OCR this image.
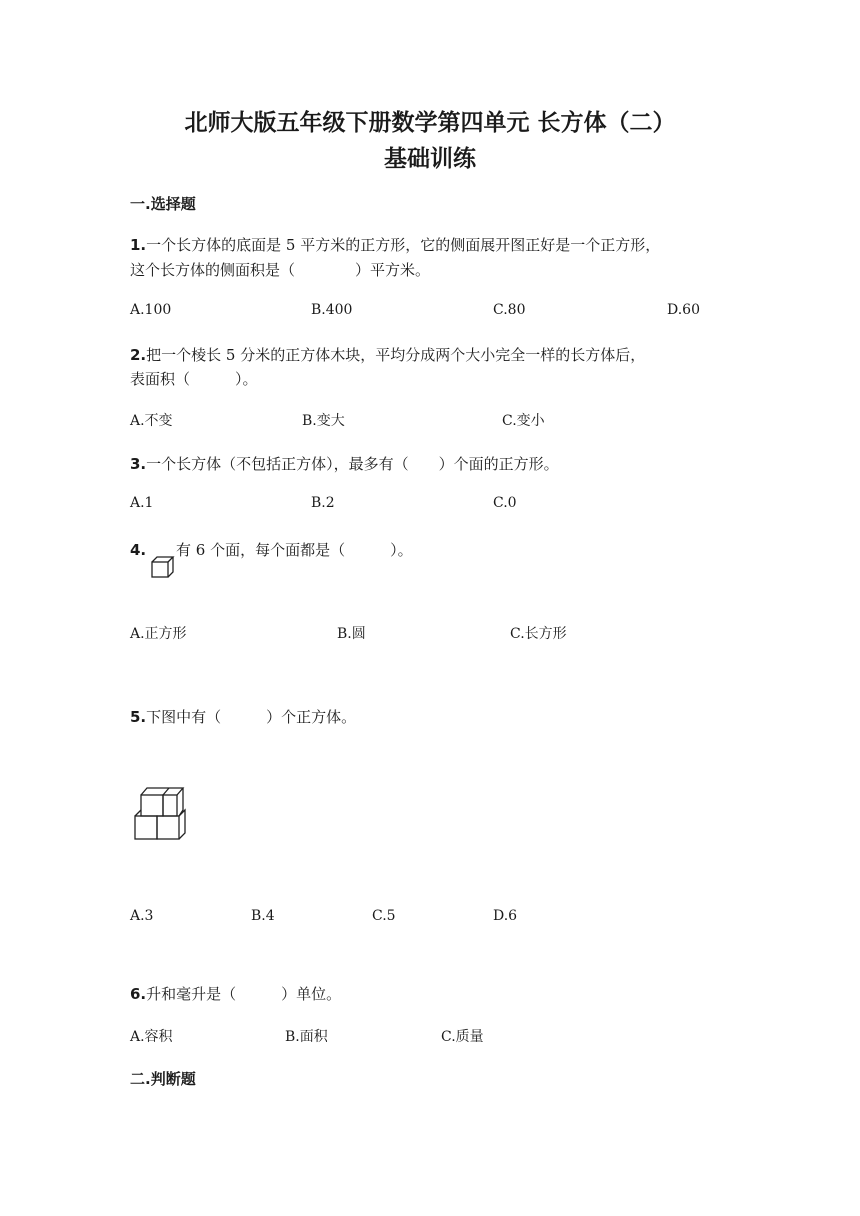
北师大版五年级下册数学第四单元 长方体（二）
基础训练
一.选择题
1.一个长方体的底面是 5 平方米的正方形，它的侧面展开图正好是一个正方形，
这个长方体的侧面积是（　　　　）平方米。
A.100	B.400	C.80	D.60
2.把一个棱长 5 分米的正方体木块，平均分成两个大小完全一样的长方体后，
表面积（　　　）。
A.不变	B.变大	C.变小
3.一个长方体（不包括正方体），最多有（　　）个面的正方形。
A.1	B.2	C.0
4. 有 6 个面，每个面都是（　　　）。
A.正方形	B.圆	C.长方形
5.下图中有（　　　）个正方体。
A.3	B.4	C.5	D.6
6.升和毫升是（　　　）单位。
A.容积	B.面积	C.质量
二.判断题
